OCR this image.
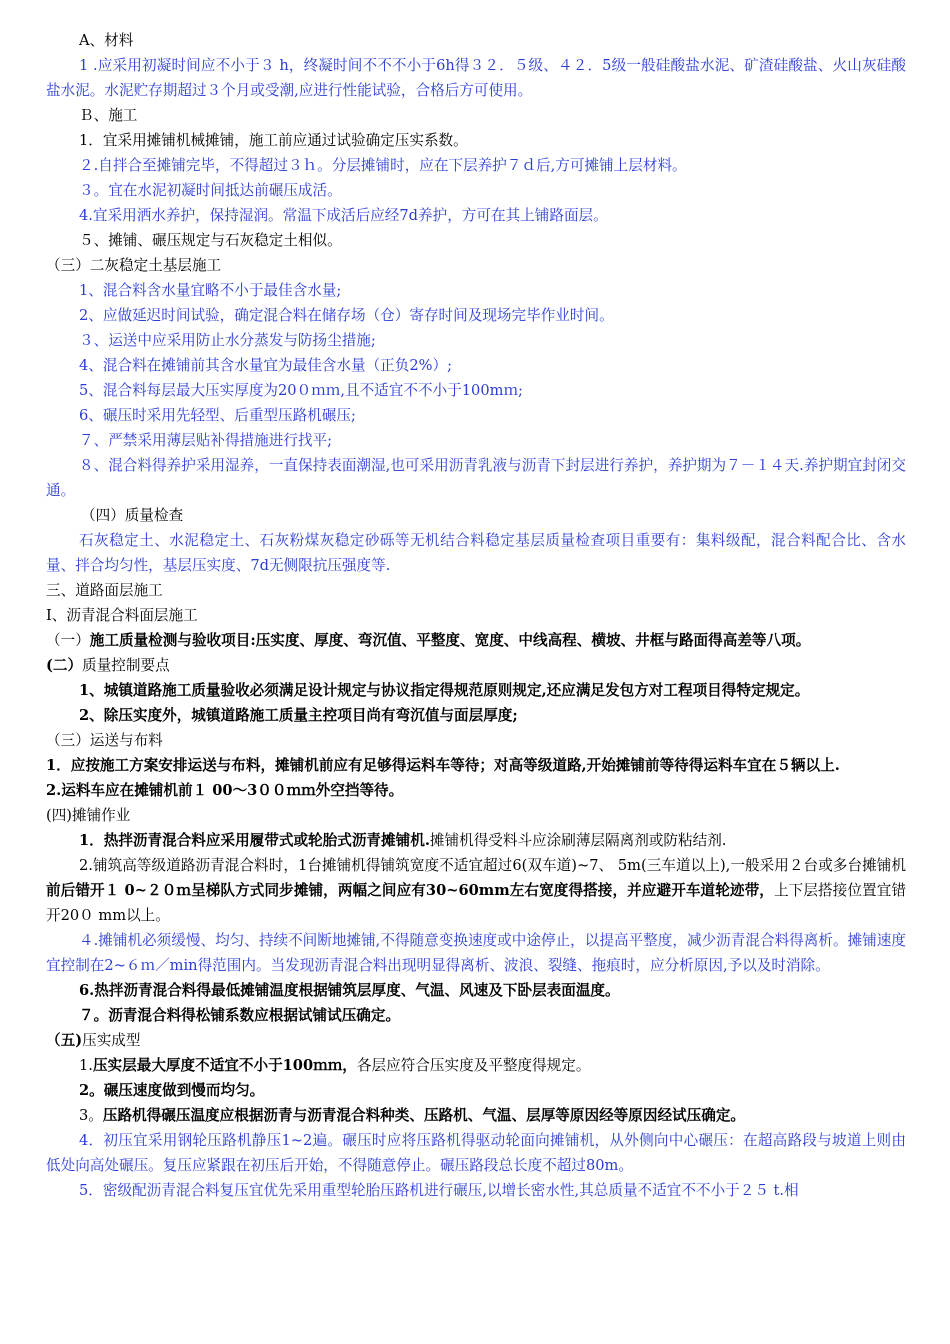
A、材料

1 .应采用初凝时间应不小于３ h，终凝时间不不不小于6h得３２．５级、４２．5级一般硅酸盐水泥、矿渣硅酸盐、火山灰硅酸盐水泥。水泥贮存期超过３个月或受潮,应进行性能试验，合格后方可使用。

Ｂ、施工

1．宜采用摊铺机械摊铺，施工前应通过试验确定压实系数。

２.自拌合至摊铺完毕，不得超过３ｈ。分层摊铺时，应在下层养护７ｄ后,方可摊铺上层材料。

３。宜在水泥初凝时间抵达前碾压成活。

4.宜采用洒水养护，保持湿润。常温下成活后应经7d养护，方可在其上铺路面层。

５、摊铺、碾压规定与石灰稳定土相似。

（三）二灰稳定土基层施工

1、混合料含水量宜略不小于最佳含水量;

2、应做延迟时间试验，确定混合料在储存场（仓）寄存时间及现场完毕作业时间。

３、运送中应采用防止水分蒸发与防扬尘措施;

4、混合料在摊铺前其含水量宜为最佳含水量（正负2%）;

5、混合料每层最大压实厚度为20０ｍｍ,且不适宜不不小于100mｍ;

6、碾压时采用先轻型、后重型压路机碾压;

７、严禁采用薄层贴补得措施进行找平;

８、混合料得养护采用湿养，一直保持表面潮湿,也可采用沥青乳液与沥青下封层进行养护，养护期为７－１４天.养护期宜封闭交通。

（四）质量检查

石灰稳定土、水泥稳定土、石灰粉煤灰稳定砂砾等无机结合料稳定基层质量检查项目重要有：集料级配，混合料配合比、含水量、拌合均匀性，基层压实度、7d无侧限抗压强度等.

三、道路面层施工

Ⅰ、沥青混合料面层施工

（一）施工质量检测与验收项目:压实度、厚度、弯沉值、平整度、宽度、中线高程、横坡、井框与路面得高差等八项。

(二）质量控制要点

1、城镇道路施工质量验收必须满足设计规定与协议指定得规范原则规定,还应满足发包方对工程项目得特定规定。

2、除压实度外，城镇道路施工质量主控项目尚有弯沉值与面层厚度;

（三）运送与布料

1．应按施工方案安排运送与布料，摊铺机前应有足够得运料车等待；对高等级道路,开始摊铺前等待得运料车宜在５辆以上.

2.运料车应在摊铺机前１ 00～3００ｍｍ外空挡等待。

(四)摊铺作业

1．热拌沥青混合料应采用履带式或轮胎式沥青摊铺机.摊铺机得受料斗应涂刷薄层隔离剂或防粘结剂.

2.铺筑高等级道路沥青混合料时，1台摊铺机得铺筑宽度不适宜超过6(双车道)~7、 5m(三车道以上),一般采用２台或多台摊铺机前后错开１ 0~２０ｍ呈梯队方式同步摊铺，两幅之间应有30~60mm左右宽度得搭接，并应避开车道轮迹带，上下层搭接位置宜错开20０ mm以上。

４.摊铺机必须缓慢、均匀、持续不间断地摊铺,不得随意变换速度或中途停止，以提高平整度，减少沥青混合料得离析。摊铺速度宜控制在2~６ｍ／min得范围内。当发现沥青混合料出现明显得离析、波浪、裂缝、拖痕时，应分析原因,予以及时消除。

6.热拌沥青混合料得最低摊铺温度根据铺筑层厚度、气温、风速及下卧层表面温度。

７。沥青混合料得松铺系数应根据试铺试压确定。

（五)压实成型

1.压实层最大厚度不适宜不小于100ｍｍ，各层应符合压实度及平整度得规定。

2。碾压速度做到慢而均匀。

3。压路机得碾压温度应根据沥青与沥青混合料种类、压路机、气温、层厚等原因经等原因经试压确定。

4．初压宜采用钢轮压路机静压1~2遍。碾压时应将压路机得驱动轮面向摊铺机，从外侧向中心碾压：在超高路段与坡道上则由低处向高处碾压。复压应紧跟在初压后开始，不得随意停止。碾压路段总长度不超过80m。

5．密级配沥青混合料复压宜优先采用重型轮胎压路机进行碾压,以增长密水性,其总质量不适宜不不小于２５ t.相
